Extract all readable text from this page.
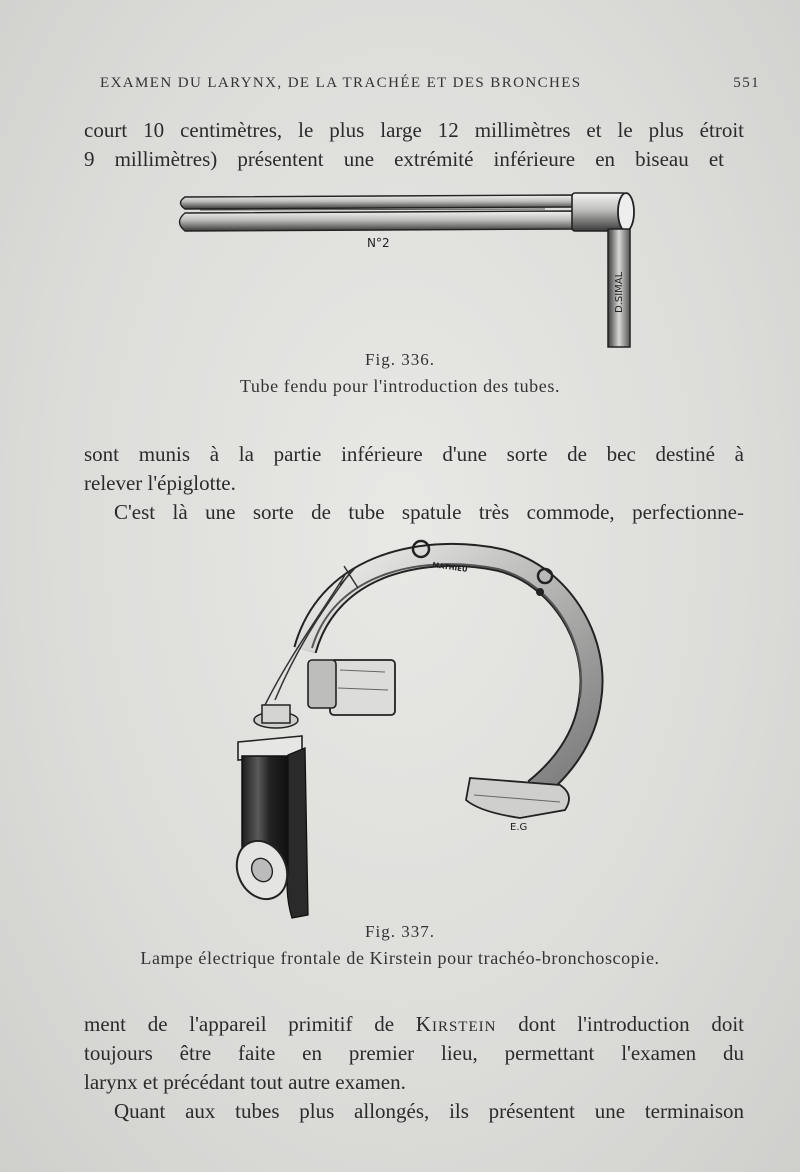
EXAMEN DU LARYNX, DE LA TRACHÉE ET DES BRONCHES	551
court 10 centimètres, le plus large 12 millimètres et le plus étroit
9 millimètres) présentent une extrémité inférieure en biseau et
D.SIMAL
N°2
Fig. 336.
Tube fendu pour l'introduction des tubes.
sont munis à la partie inférieure d'une sorte de bec destiné à
relever l'épiglotte.
C'est là une sorte de tube spatule très commode, perfectionne-
MATHIEU
E.G
Fig. 337.
Lampe électrique frontale de Kirstein pour trachéo-bronchoscopie.
ment de l'appareil primitif de Kirstein dont l'introduction doit
toujours être faite en premier lieu, permettant l'examen du
larynx et précédant tout autre examen.
Quant aux tubes plus allongés, ils présentent une terminaison
